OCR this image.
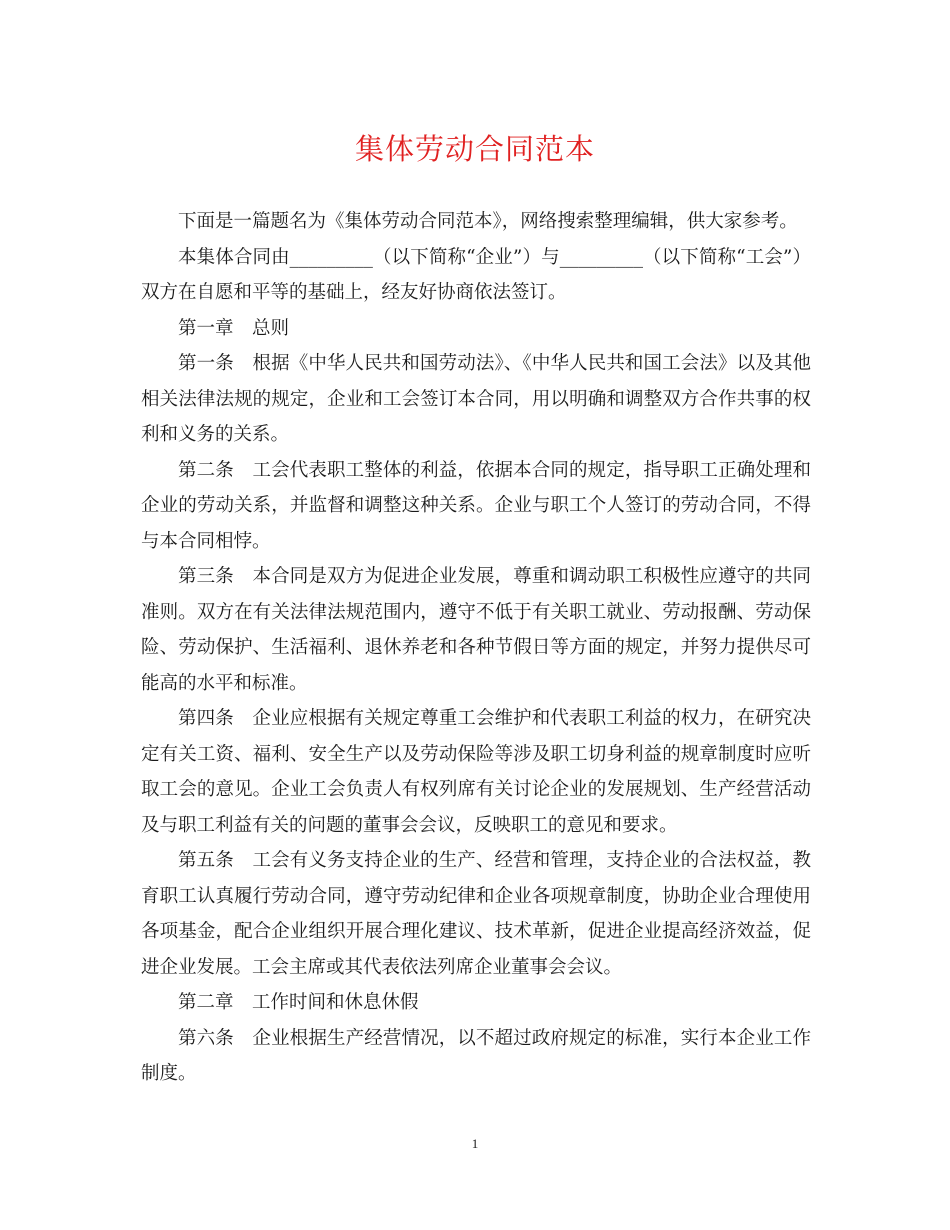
集体劳动合同范本

下面是一篇题名为《集体劳动合同范本》，网络搜索整理编辑，供大家参考。

本集体合同由_________（以下简称“企业”）与_________（以下简称“工会”）双方在自愿和平等的基础上，经友好协商依法签订。

第一章　总则

第一条　根据《中华人民共和国劳动法》、《中华人民共和国工会法》以及其他相关法律法规的规定，企业和工会签订本合同，用以明确和调整双方合作共事的权利和义务的关系。

第二条　工会代表职工整体的利益，依据本合同的规定，指导职工正确处理和企业的劳动关系，并监督和调整这种关系。企业与职工个人签订的劳动合同，不得与本合同相悖。

第三条　本合同是双方为促进企业发展，尊重和调动职工积极性应遵守的共同准则。双方在有关法律法规范围内，遵守不低于有关职工就业、劳动报酬、劳动保险、劳动保护、生活福利、退休养老和各种节假日等方面的规定，并努力提供尽可能高的水平和标准。

第四条　企业应根据有关规定尊重工会维护和代表职工利益的权力，在研究决定有关工资、福利、安全生产以及劳动保险等涉及职工切身利益的规章制度时应听取工会的意见。企业工会负责人有权列席有关讨论企业的发展规划、生产经营活动及与职工利益有关的问题的董事会会议，反映职工的意见和要求。

第五条　工会有义务支持企业的生产、经营和管理，支持企业的合法权益，教育职工认真履行劳动合同，遵守劳动纪律和企业各项规章制度，协助企业合理使用各项基金，配合企业组织开展合理化建议、技术革新，促进企业提高经济效益，促进企业发展。工会主席或其代表依法列席企业董事会会议。

第二章　工作时间和休息休假

第六条　企业根据生产经营情况，以不超过政府规定的标准，实行本企业工作制度。

1
